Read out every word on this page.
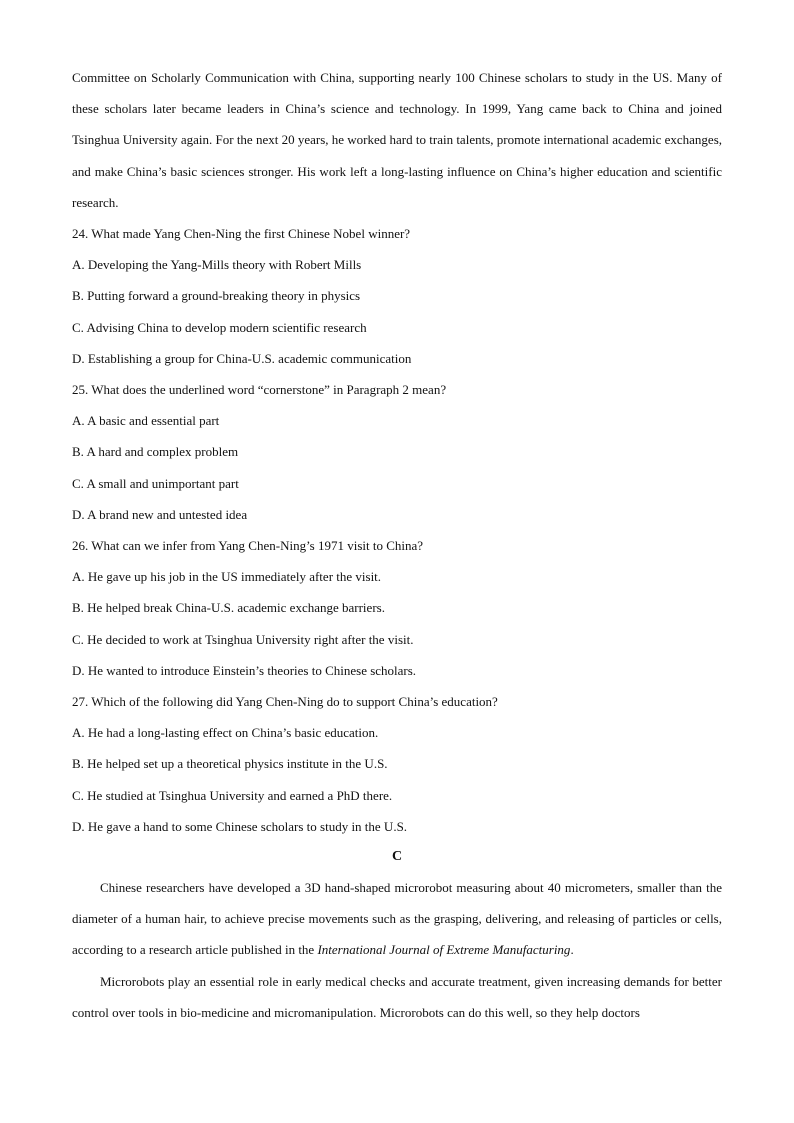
Committee on Scholarly Communication with China, supporting nearly 100 Chinese scholars to study in the US. Many of these scholars later became leaders in China’s science and technology. In 1999, Yang came back to China and joined Tsinghua University again. For the next 20 years, he worked hard to train talents, promote international academic exchanges, and make China’s basic sciences stronger. His work left a long-lasting influence on China’s higher education and scientific research.

24. What made Yang Chen-Ning the first Chinese Nobel winner?

A. Developing the Yang-Mills theory with Robert Mills

B. Putting forward a ground-breaking theory in physics

C. Advising China to develop modern scientific research

D. Establishing a group for China-U.S. academic communication

25. What does the underlined word “cornerstone” in Paragraph 2 mean?

A. A basic and essential part

B. A hard and complex problem

C. A small and unimportant part

D. A brand new and untested idea

26. What can we infer from Yang Chen-Ning’s 1971 visit to China?

A. He gave up his job in the US immediately after the visit.

B. He helped break China-U.S. academic exchange barriers.

C. He decided to work at Tsinghua University right after the visit.

D. He wanted to introduce Einstein’s theories to Chinese scholars.

27. Which of the following did Yang Chen-Ning do to support China’s education?

A. He had a long-lasting effect on China’s basic education.

B. He helped set up a theoretical physics institute in the U.S.

C. He studied at Tsinghua University and earned a PhD there.

D. He gave a hand to some Chinese scholars to study in the U.S.

C

Chinese researchers have developed a 3D hand-shaped microrobot measuring about 40 micrometers, smaller than the diameter of a human hair, to achieve precise movements such as the grasping, delivering, and releasing of particles or cells, according to a research article published in the International Journal of Extreme Manufacturing.

Microrobots play an essential role in early medical checks and accurate treatment, given increasing demands for better control over tools in bio-medicine and micromanipulation. Microrobots can do this well, so they help doctors
